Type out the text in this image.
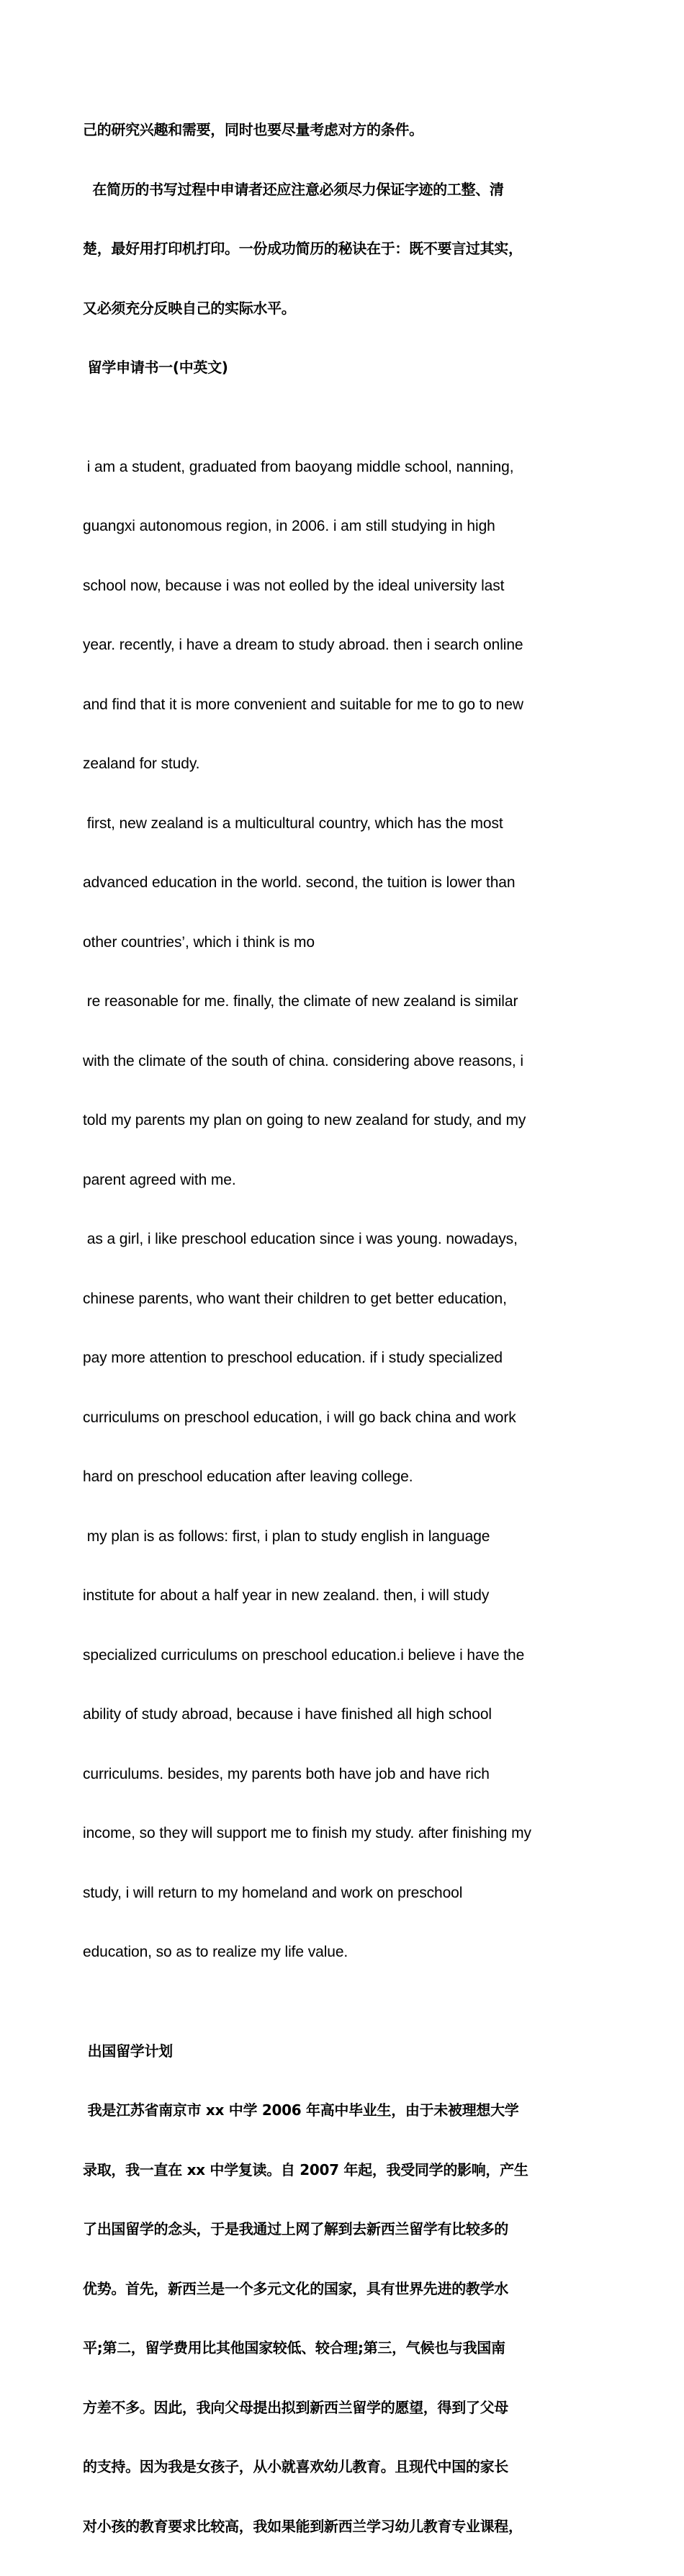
己的研究兴趣和需要，同时也要尽量考虑对方的条件。

在简历的书写过程中申请者还应注意必须尽力保证字迹的工整、清

楚，最好用打印机打印。一份成功简历的秘诀在于：既不要言过其实，

又必须充分反映自己的实际水平。

留学申请书一(中英文)

i am a student, graduated from baoyang middle school, nanning,

guangxi autonomous region, in 2006. i am still studying in high

school now, because i was not eolled by the ideal university last

year. recently, i have a dream to study abroad. then i search online

and find that it is more convenient and suitable for me to go to new

zealand for study.

first, new zealand is a multicultural country, which has the most

advanced education in the world. second, the tuition is lower than

other countries’, which i think is mo

re reasonable for me. finally, the climate of new zealand is similar

with the climate of the south of china. considering above reasons, i

told my parents my plan on going to new zealand for study, and my

parent agreed with me.

as a girl, i like preschool education since i was young. nowadays,

chinese parents, who want their children to get better education,

pay more attention to preschool education. if i study specialized

curriculums on preschool education, i will go back china and work

hard on preschool education after leaving college.

my plan is as follows: first, i plan to study english in language

institute for about a half year in new zealand. then, i will study

specialized curriculums on preschool education.i believe i have the

ability of study abroad, because i have finished all high school

curriculums. besides, my parents both have job and have rich

income, so they will support me to finish my study. after finishing my

study, i will return to my homeland and work on preschool

education, so as to realize my life value.

出国留学计划

我是江苏省南京市 xx 中学 2006 年高中毕业生，由于未被理想大学

录取，我一直在 xx 中学复读。自 2007 年起，我受同学的影响，产生

了出国留学的念头，于是我通过上网了解到去新西兰留学有比较多的

优势。首先，新西兰是一个多元文化的国家，具有世界先进的教学水

平;第二，留学费用比其他国家较低、较合理;第三，气候也与我国南

方差不多。因此，我向父母提出拟到新西兰留学的愿望，得到了父母

的支持。因为我是女孩子，从小就喜欢幼儿教育。且现代中国的家长

对小孩的教育要求比较高，我如果能到新西兰学习幼儿教育专业课程，
